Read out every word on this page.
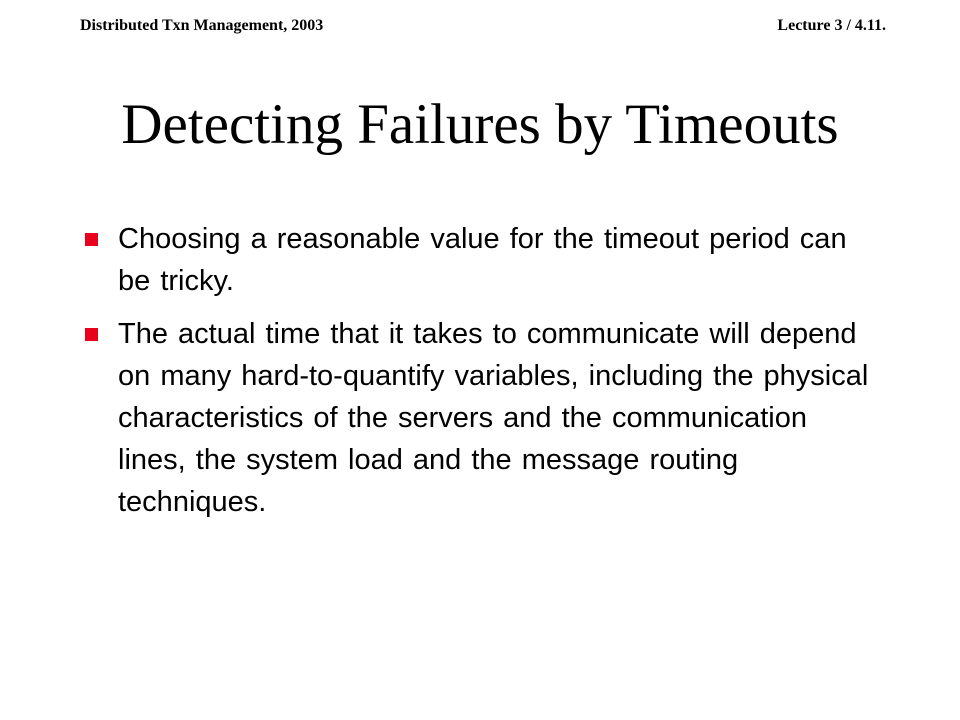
Distributed Txn Management, 2003	Lecture 3 / 4.11.
Detecting Failures by Timeouts
Choosing a reasonable value for the timeout period can be tricky.
The actual time that it takes to communicate will depend on many hard-to-quantify variables, including the physical characteristics of the servers and the communication lines, the system load and the message routing techniques.
